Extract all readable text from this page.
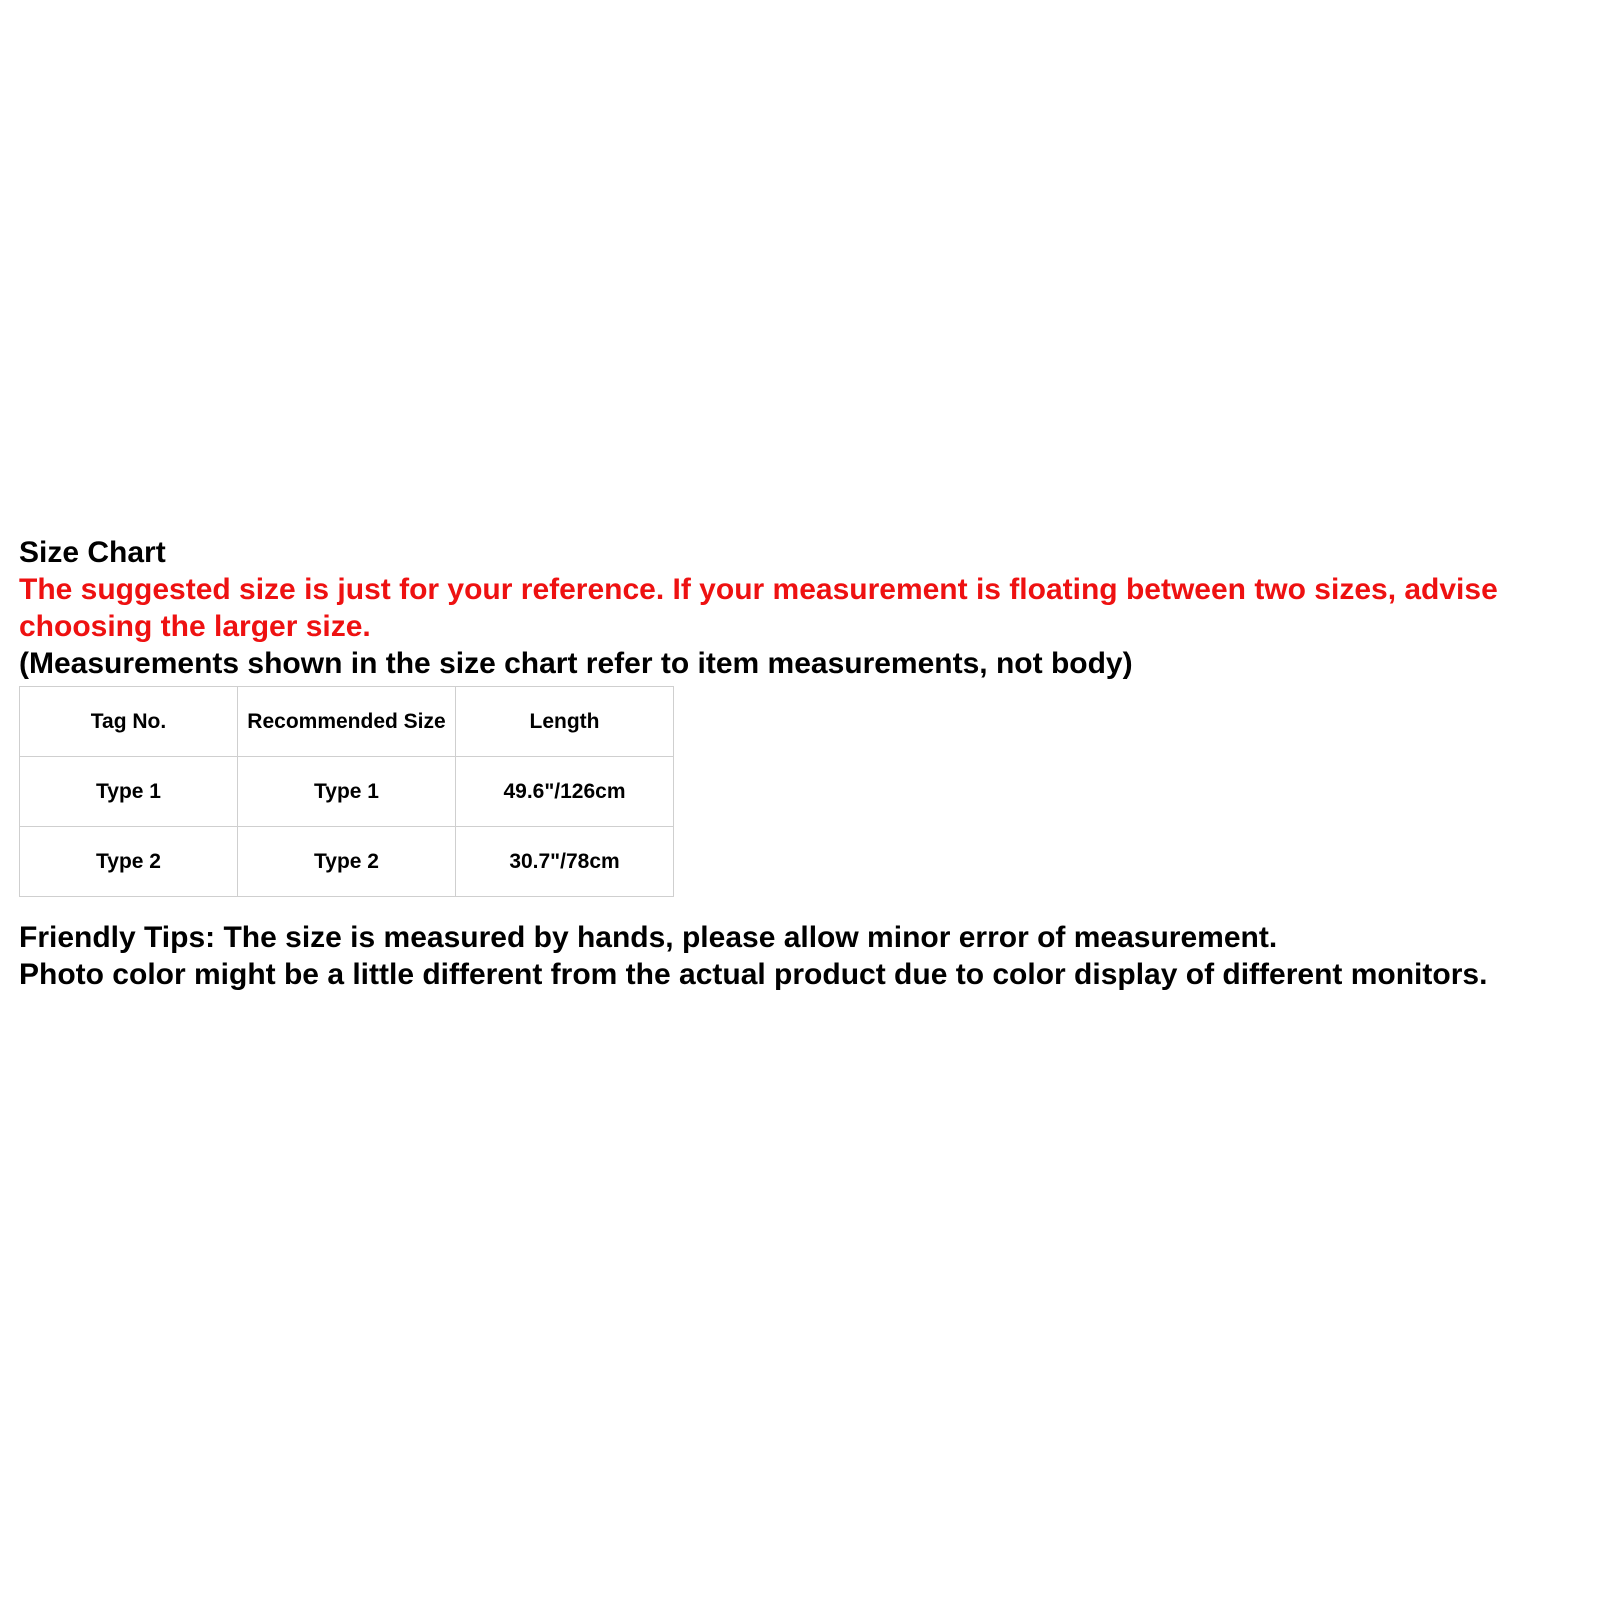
Size Chart

The suggested size is just for your reference. If your measurement is floating between two sizes, advise choosing the larger size.

(Measurements shown in the size chart refer to item measurements, not body)

Tag No.	Recommended Size	Length
Type 1	Type 1	49.6"/126cm
Type 2	Type 2	30.7"/78cm

Friendly Tips: The size is measured by hands, please allow minor error of measurement.

Photo color might be a little different from the actual product due to color display of different monitors.
